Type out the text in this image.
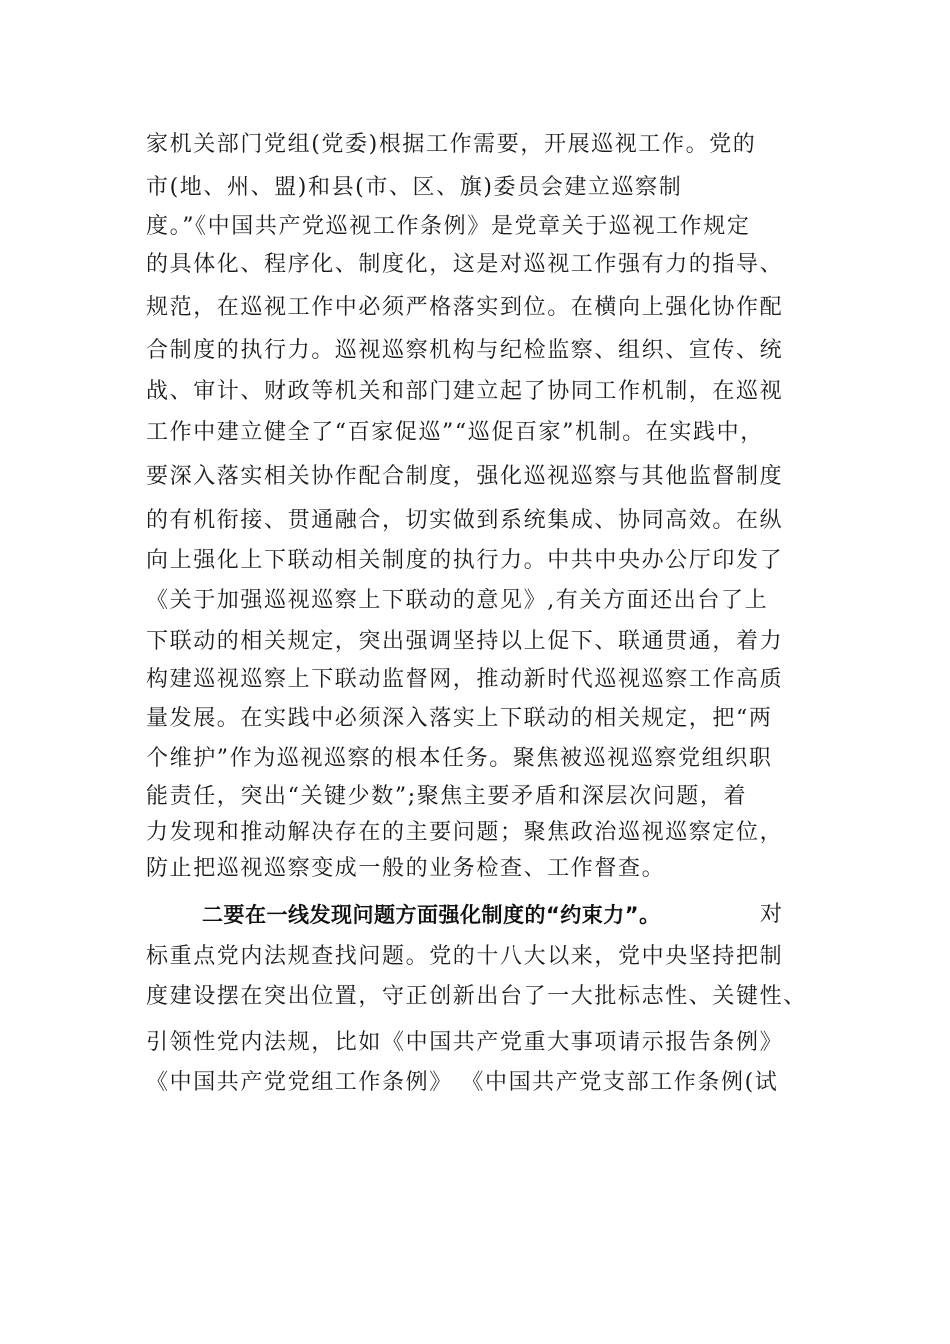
家机关部门党组(党委)根据工作需要，开展巡视工作。党的
市(地、州、盟)和县(市、区、旗)委员会建立巡察制
度。”《中国共产党巡视工作条例》是党章关于巡视工作规定
的具体化、程序化、制度化，这是对巡视工作强有力的指导、
规范，在巡视工作中必须严格落实到位。在横向上强化协作配
合制度的执行力。巡视巡察机构与纪检监察、组织、宣传、统
战、审计、财政等机关和部门建立起了协同工作机制，在巡视
工作中建立健全了“百家促巡”“巡促百家”机制。在实践中，
要深入落实相关协作配合制度，强化巡视巡察与其他监督制度
的有机衔接、贯通融合，切实做到系统集成、协同高效。在纵
向上强化上下联动相关制度的执行力。中共中央办公厅印发了
《关于加强巡视巡察上下联动的意见》,有关方面还出台了上
下联动的相关规定，突出强调坚持以上促下、联通贯通，着力
构建巡视巡察上下联动监督网，推动新时代巡视巡察工作高质
量发展。在实践中必须深入落实上下联动的相关规定，把“两
个维护”作为巡视巡察的根本任务。聚焦被巡视巡察党组织职
能责任，突出“关键少数”;聚焦主要矛盾和深层次问题，着
力发现和推动解决存在的主要问题；聚焦政治巡视巡察定位，
防止把巡视巡察变成一般的业务检查、工作督查。
二要在一线发现问题方面强化制度的“约束力”。	对
标重点党内法规查找问题。党的十八大以来，党中央坚持把制
度建设摆在突出位置，守正创新出台了一大批标志性、关键性、
引领性党内法规，比如《中国共产党重大事项请示报告条例》
《中国共产党党组工作条例》 《中国共产党支部工作条例(试
